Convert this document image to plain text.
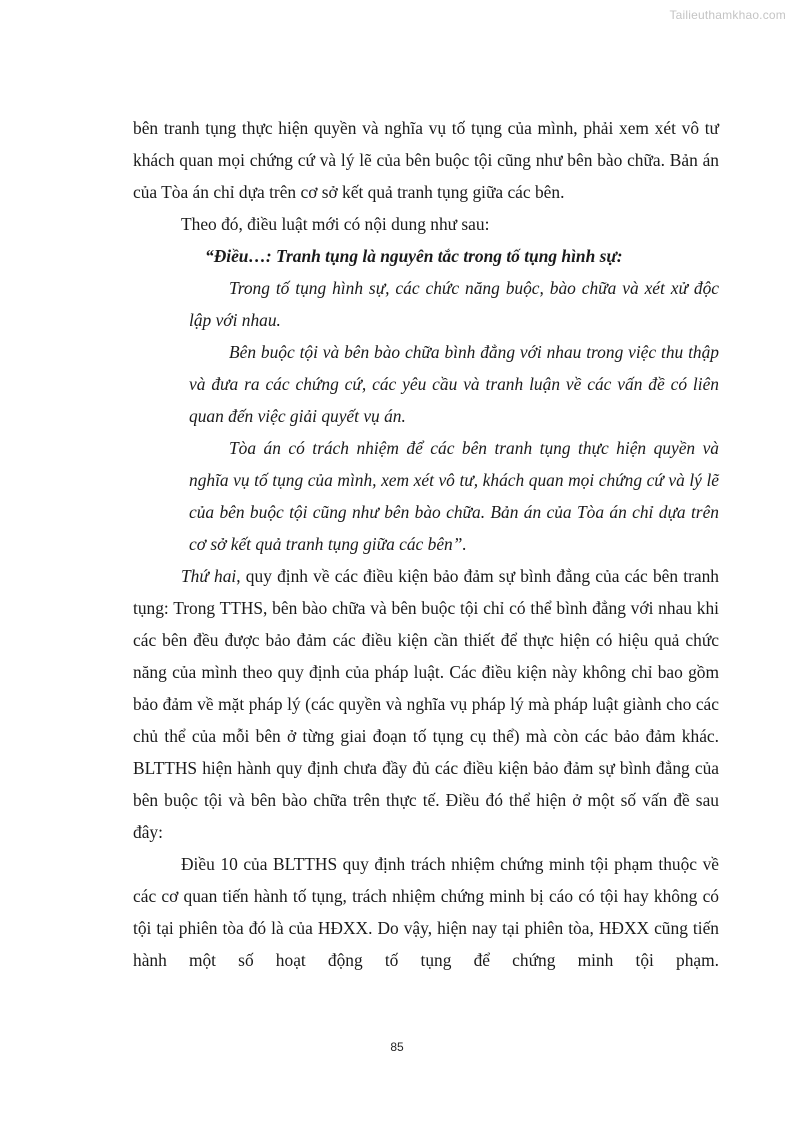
Tailieuthamkhao.com

bên tranh tụng thực hiện quyền và nghĩa vụ tố tụng của mình, phải xem xét vô tư khách quan mọi chứng cứ và lý lẽ của bên buộc tội cũng như bên bào chữa. Bản án của Tòa án chỉ dựa trên cơ sở kết quả tranh tụng giữa các bên.

Theo đó, điều luật mới có nội dung như sau:

“Điều…: Tranh tụng là nguyên tắc trong tố tụng hình sự:

Trong tố tụng hình sự, các chức năng buộc, bào chữa và xét xử độc lập với nhau.

Bên buộc tội và bên bào chữa bình đẳng với nhau trong việc thu thập và đưa ra các chứng cứ, các yêu cầu và tranh luận về các vấn đề có liên quan đến việc giải quyết vụ án.

Tòa án có trách nhiệm để các bên tranh tụng thực hiện quyền và nghĩa vụ tố tụng của mình, xem xét vô tư, khách quan mọi chứng cứ và lý lẽ của bên buộc tội cũng như bên bào chữa. Bản án của Tòa án chỉ dựa trên cơ sở kết quả tranh tụng giữa các bên”.

Thứ hai, quy định về các điều kiện bảo đảm sự bình đẳng của các bên tranh tụng: Trong TTHS, bên bào chữa và bên buộc tội chỉ có thể bình đẳng với nhau khi các bên đều được bảo đảm các điều kiện cần thiết để thực hiện có hiệu quả chức năng của mình theo quy định của pháp luật. Các điều kiện này không chỉ bao gồm bảo đảm về mặt pháp lý (các quyền và nghĩa vụ pháp lý mà pháp luật giành cho các chủ thể của mỗi bên ở từng giai đoạn tố tụng cụ thể) mà còn các bảo đảm khác. BLTTHS hiện hành quy định chưa đầy đủ các điều kiện bảo đảm sự bình đẳng của bên buộc tội và bên bào chữa trên thực tế. Điều đó thể hiện ở một số vấn đề sau đây:

Điều 10 của BLTTHS quy định trách nhiệm chứng minh tội phạm thuộc về các cơ quan tiến hành tố tụng, trách nhiệm chứng minh bị cáo có tội hay không có tội tại phiên tòa đó là của HĐXX. Do vậy, hiện nay tại phiên tòa, HĐXX cũng tiến hành một số hoạt động tố tụng để chứng minh tội phạm.

85
